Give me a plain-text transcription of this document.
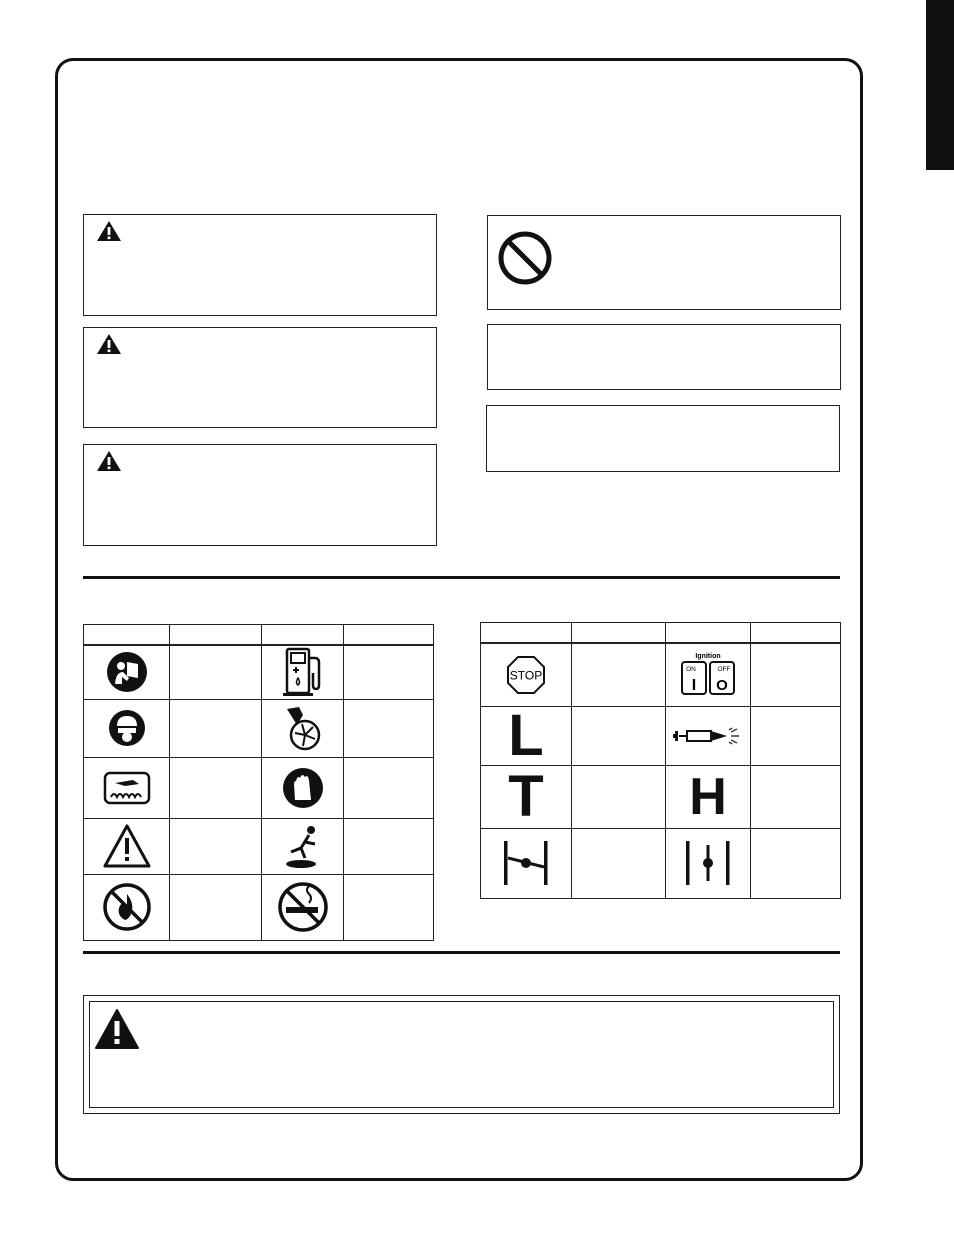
STOP		Ignition
ON OFF
I O	

L

T		H	
